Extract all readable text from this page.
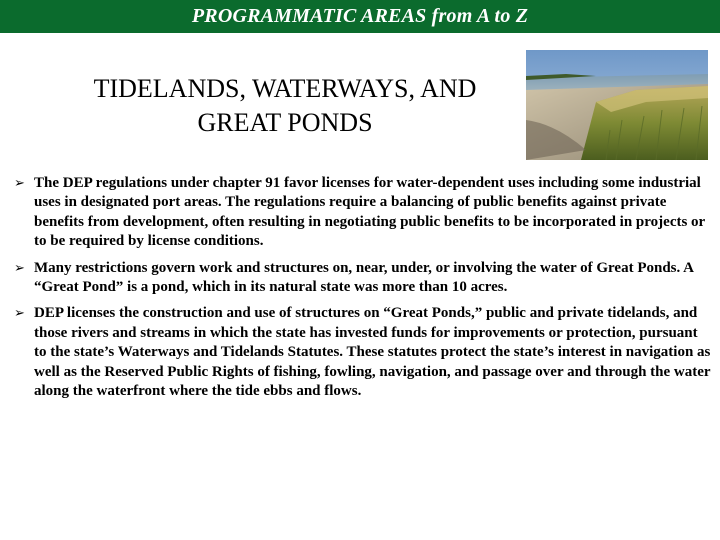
PROGRAMMATIC AREAS from A to Z
TIDELANDS, WATERWAYS, AND
GREAT PONDS
➢ The DEP regulations under chapter 91 favor licenses for water-dependent uses including some industrial uses in designated port areas. The regulations require a balancing of public benefits against private benefits from development, often resulting in negotiating public benefits to be incorporated in projects or to be required by license conditions.
➢ Many restrictions govern work and structures on, near, under, or involving the water of Great Ponds. A “Great Pond” is a pond, which in its natural state was more than 10 acres.
➢ DEP licenses the construction and use of structures on “Great Ponds,” public and private tidelands, and those rivers and streams in which the state has invested funds for improvements or protection, pursuant to the state’s Waterways and Tidelands Statutes. These statutes protect the state’s interest in navigation as well as the Reserved Public Rights of fishing, fowling, navigation, and passage over and through the water along the waterfront where the tide ebbs and flows.
